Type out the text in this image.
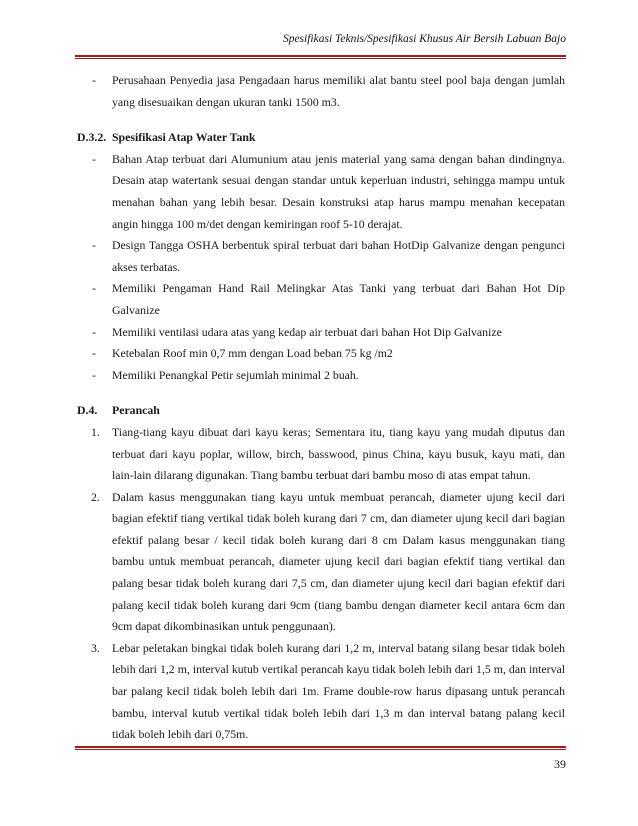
Spesifikasi Teknis/Spesifikasi Khusus Air Bersih Labuan Bajo
-	Perusahaan Penyedia jasa Pengadaan harus memiliki alat bantu steel pool baja dengan jumlah yang disesuaikan dengan ukuran tanki 1500 m3.
D.3.2. Spesifikasi Atap Water Tank
-	Bahan Atap terbuat dari Alumunium atau jenis material yang sama dengan bahan dindingnya. Desain atap watertank sesuai dengan standar untuk keperluan industri, sehingga mampu untuk menahan bahan yang lebih besar. Desain konstruksi atap harus mampu menahan kecepatan angin hingga 100 m/det dengan kemiringan roof 5-10 derajat.
-	Design Tangga OSHA berbentuk spiral terbuat dari bahan HotDip Galvanize dengan pengunci akses terbatas.
-	Memiliki Pengaman Hand Rail Melingkar Atas Tanki yang terbuat dari Bahan Hot Dip Galvanize
-	Memiliki ventilasi udara atas yang kedap air terbuat dari bahan Hot Dip Galvanize
-	Ketebalan Roof min 0,7 mm dengan Load beban 75 kg /m2
-	Memiliki Penangkal Petir sejumlah minimal 2 buah.
D.4.	Perancah
1.	Tiang-tiang kayu dibuat dari kayu keras; Sementara itu, tiang kayu yang mudah diputus dan terbuat dari kayu poplar, willow, birch, basswood, pinus China, kayu busuk, kayu mati, dan lain-lain dilarang digunakan. Tiang bambu terbuat dari bambu moso di atas empat tahun.
2.	Dalam kasus menggunakan tiang kayu untuk membuat perancah, diameter ujung kecil dari bagian efektif tiang vertikal tidak boleh kurang dari 7 cm, dan diameter ujung kecil dari bagian efektif palang besar / kecil tidak boleh kurang dari 8 cm Dalam kasus menggunakan tiang bambu untuk membuat perancah, diameter ujung kecil dari bagian efektif tiang vertikal dan palang besar tidak boleh kurang dari 7,5 cm, dan diameter ujung kecil dari bagian efektif dari palang kecil tidak boleh kurang dari 9cm (tiang bambu dengan diameter kecil antara 6cm dan 9cm dapat dikombinasikan untuk penggunaan).
3.	Lebar peletakan bingkai tidak boleh kurang dari 1,2 m, interval batang silang besar tidak boleh lebih dari 1,2 m, interval kutub vertikal perancah kayu tidak boleh lebih dari 1,5 m, dan interval bar palang kecil tidak boleh lebih dari 1m. Frame double-row harus dipasang untuk perancah bambu, interval kutub vertikal tidak boleh lebih dari 1,3 m dan interval batang palang kecil tidak boleh lebih dari 0,75m.
39
